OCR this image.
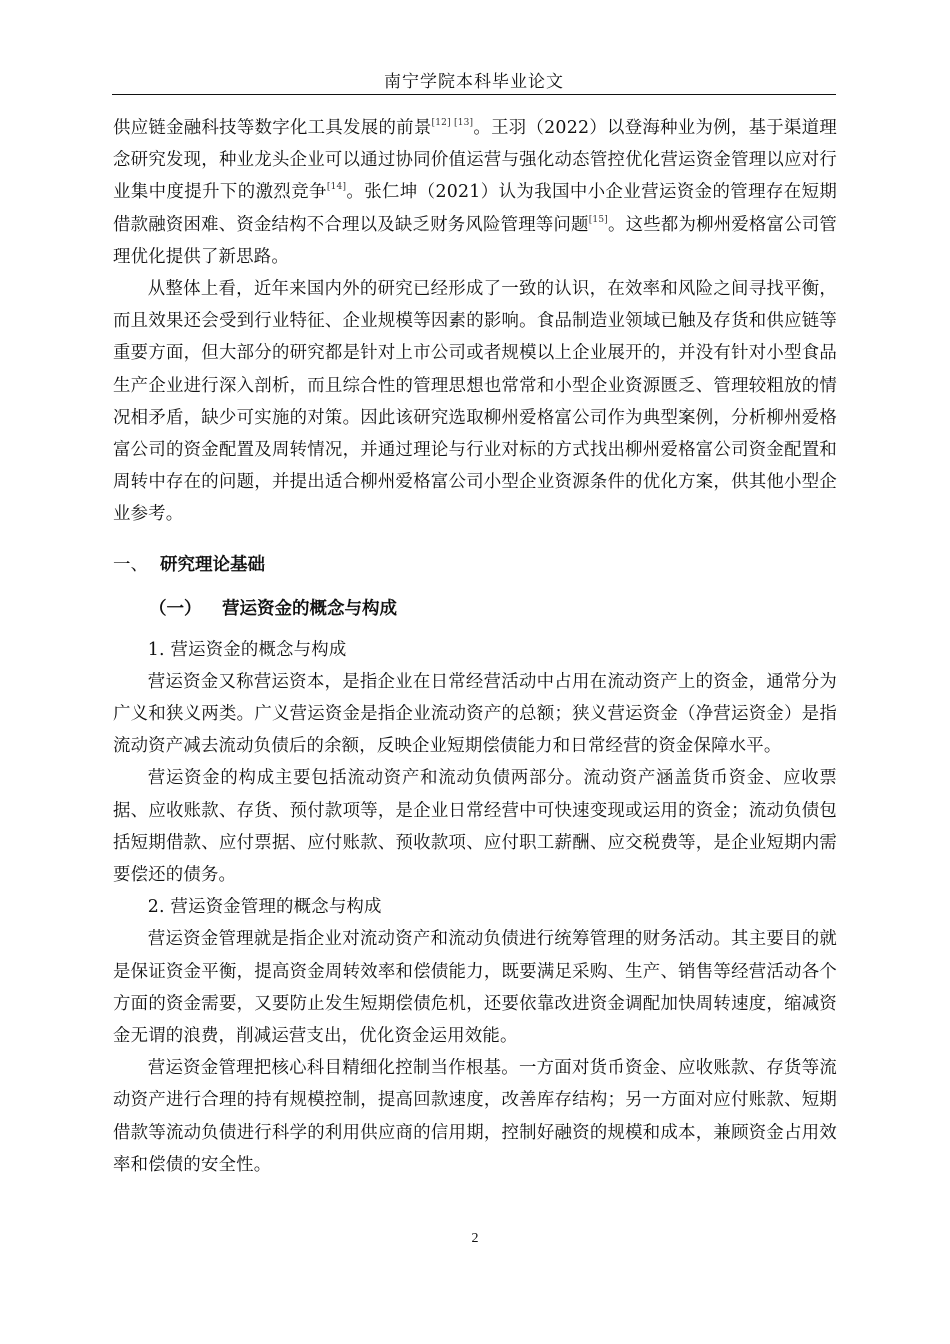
南宁学院本科毕业论文

供应链金融科技等数字化工具发展的前景[12] [13]。王羽（2022）以登海种业为例，基于渠道理念研究发现，种业龙头企业可以通过协同价值运营与强化动态管控优化营运资金管理以应对行业集中度提升下的激烈竞争[14]。张仁坤（2021）认为我国中小企业营运资金的管理存在短期借款融资困难、资金结构不合理以及缺乏财务风险管理等问题[15]。这些都为柳州爱格富公司管理优化提供了新思路。

从整体上看，近年来国内外的研究已经形成了一致的认识，在效率和风险之间寻找平衡，而且效果还会受到行业特征、企业规模等因素的影响。食品制造业领域已触及存货和供应链等重要方面，但大部分的研究都是针对上市公司或者规模以上企业展开的，并没有针对小型食品生产企业进行深入剖析，而且综合性的管理思想也常常和小型企业资源匮乏、管理较粗放的情况相矛盾，缺少可实施的对策。因此该研究选取柳州爱格富公司作为典型案例，分析柳州爱格富公司的资金配置及周转情况，并通过理论与行业对标的方式找出柳州爱格富公司资金配置和周转中存在的问题，并提出适合柳州爱格富公司小型企业资源条件的优化方案，供其他小型企业参考。

一、 研究理论基础
（一）	营运资金的概念与构成

1. 营运资金的概念与构成

营运资金又称营运资本，是指企业在日常经营活动中占用在流动资产上的资金，通常分为广义和狭义两类。广义营运资金是指企业流动资产的总额；狭义营运资金（净营运资金）是指流动资产减去流动负债后的余额，反映企业短期偿债能力和日常经营的资金保障水平。

营运资金的构成主要包括流动资产和流动负债两部分。流动资产涵盖货币资金、应收票据、应收账款、存货、预付款项等，是企业日常经营中可快速变现或运用的资金；流动负债包括短期借款、应付票据、应付账款、预收款项、应付职工薪酬、应交税费等，是企业短期内需要偿还的债务。

2. 营运资金管理的概念与构成

营运资金管理就是指企业对流动资产和流动负债进行统筹管理的财务活动。其主要目的就是保证资金平衡，提高资金周转效率和偿债能力，既要满足采购、生产、销售等经营活动各个方面的资金需要，又要防止发生短期偿债危机，还要依靠改进资金调配加快周转速度，缩减资金无谓的浪费，削减运营支出，优化资金运用效能。

营运资金管理把核心科目精细化控制当作根基。一方面对货币资金、应收账款、存货等流动资产进行合理的持有规模控制，提高回款速度，改善库存结构；另一方面对应付账款、短期借款等流动负债进行科学的利用供应商的信用期，控制好融资的规模和成本，兼顾资金占用效率和偿债的安全性。

2
